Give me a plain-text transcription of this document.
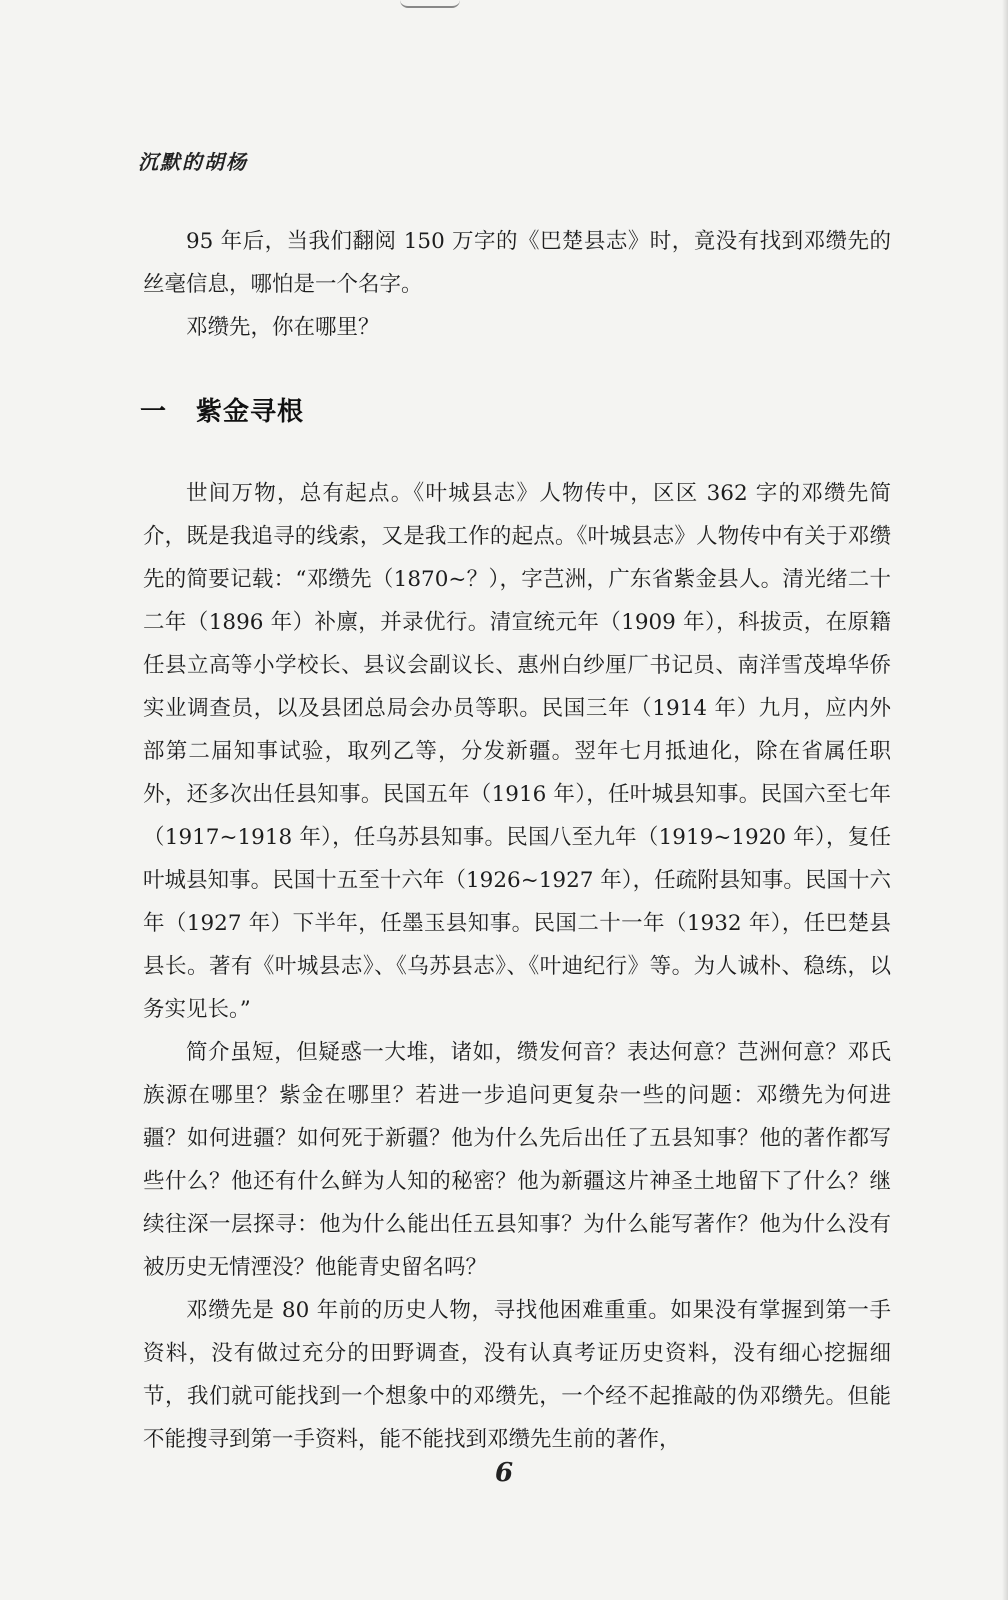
沉默的胡杨

95 年后，当我们翻阅 150 万字的《巴楚县志》时，竟没有找到邓缵先的丝毫信息，哪怕是一个名字。

邓缵先，你在哪里？

一	紫金寻根

世间万物，总有起点。《叶城县志》人物传中，区区 362 字的邓缵先简介，既是我追寻的线索，又是我工作的起点。《叶城县志》人物传中有关于邓缵先的简要记载：“邓缵先（1870~？），字芑洲，广东省紫金县人。清光绪二十二年（1896 年）补廪，并录优行。清宣统元年（1909 年），科拔贡，在原籍任县立高等小学校长、县议会副议长、惠州白纱厘厂书记员、南洋雪茂埠华侨实业调查员，以及县团总局会办员等职。民国三年（1914 年）九月，应内外部第二届知事试验，取列乙等，分发新疆。翌年七月抵迪化，除在省属任职外，还多次出任县知事。民国五年（1916 年），任叶城县知事。民国六至七年（1917~1918 年），任乌苏县知事。民国八至九年（1919~1920 年），复任叶城县知事。民国十五至十六年（1926~1927 年），任疏附县知事。民国十六年（1927 年）下半年，任墨玉县知事。民国二十一年（1932 年），任巴楚县县长。著有《叶城县志》、《乌苏县志》、《叶迪纪行》等。为人诚朴、稳练，以务实见长。”

简介虽短，但疑惑一大堆，诸如，缵发何音？表达何意？芑洲何意？邓氏族源在哪里？紫金在哪里？若进一步追问更复杂一些的问题：邓缵先为何进疆？如何进疆？如何死于新疆？他为什么先后出任了五县知事？他的著作都写些什么？他还有什么鲜为人知的秘密？他为新疆这片神圣土地留下了什么？继续往深一层探寻：他为什么能出任五县知事？为什么能写著作？他为什么没有被历史无情湮没？他能青史留名吗？

邓缵先是 80 年前的历史人物，寻找他困难重重。如果没有掌握到第一手资料，没有做过充分的田野调查，没有认真考证历史资料，没有细心挖掘细节，我们就可能找到一个想象中的邓缵先，一个经不起推敲的伪邓缵先。但能不能搜寻到第一手资料，能不能找到邓缵先生前的著作，

6
